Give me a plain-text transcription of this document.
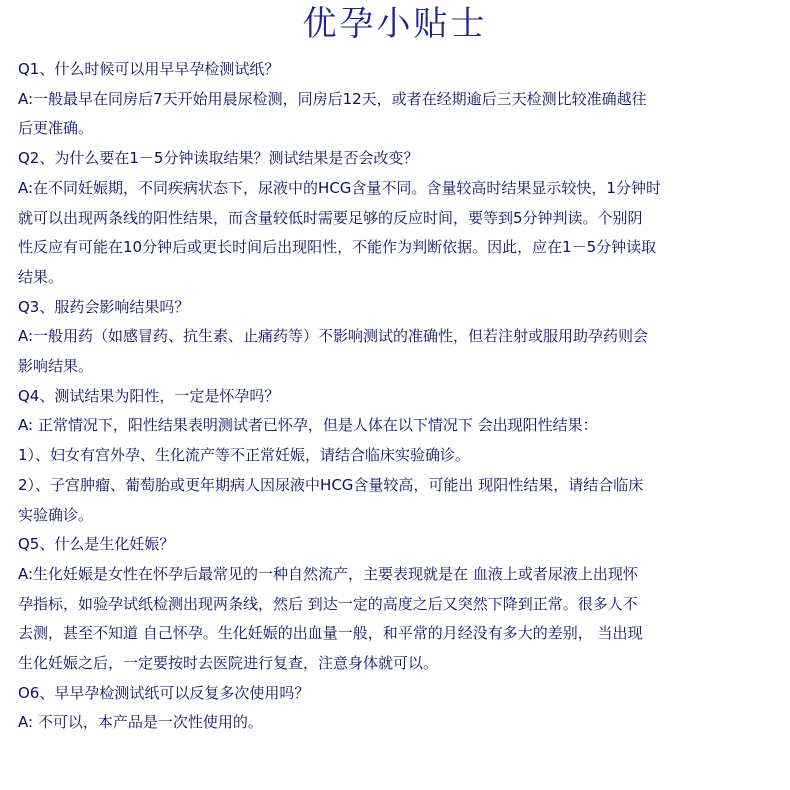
优孕小贴士
Q1、什么时候可以用早早孕检测试纸？
A:一般最早在同房后7天开始用晨尿检测，同房后12天，或者在经期逾后三天检测比较准确越往
后更准确。
Q2、为什么要在1－5分钟读取结果？测试结果是否会改变？
A:在不同妊娠期，不同疾病状态下，尿液中的HCG含量不同。含量较高时结果显示较快，1分钟时
就可以出现两条线的阳性结果，而含量较低时需要足够的反应时间，要等到5分钟判读。个别阴
性反应有可能在10分钟后或更长时间后出现阳性，不能作为判断依据。因此，应在1－5分钟读取
结果。
Q3、服药会影响结果吗？
A:一般用药（如感冒药、抗生素、止痛药等）不影响测试的准确性，但若注射或服用助孕药则会
影响结果。
Q4、测试结果为阳性，一定是怀孕吗？
A: 正常情况下，阳性结果表明测试者已怀孕，但是人体在以下情况下 会出现阳性结果：
1）、妇女有宫外孕、生化流产等不正常妊娠，请结合临床实验确诊。
2）、子宫肿瘤、葡萄胎或更年期病人因尿液中HCG含量较高，可能出 现阳性结果，请结合临床
实验确诊。
Q5、什么是生化妊娠？
A:生化妊娠是女性在怀孕后最常见的一种自然流产，主要表现就是在 血液上或者尿液上出现怀
孕指标，如验孕试纸检测出现两条线，然后 到达一定的高度之后又突然下降到正常。很多人不
去测，甚至不知道 自己怀孕。生化妊娠的出血量一般，和平常的月经没有多大的差别， 当出现
生化妊娠之后，一定要按时去医院进行复查，注意身体就可以。
O6、早早孕检测试纸可以反复多次使用吗？
A: 不可以，本产品是一次性使用的。
